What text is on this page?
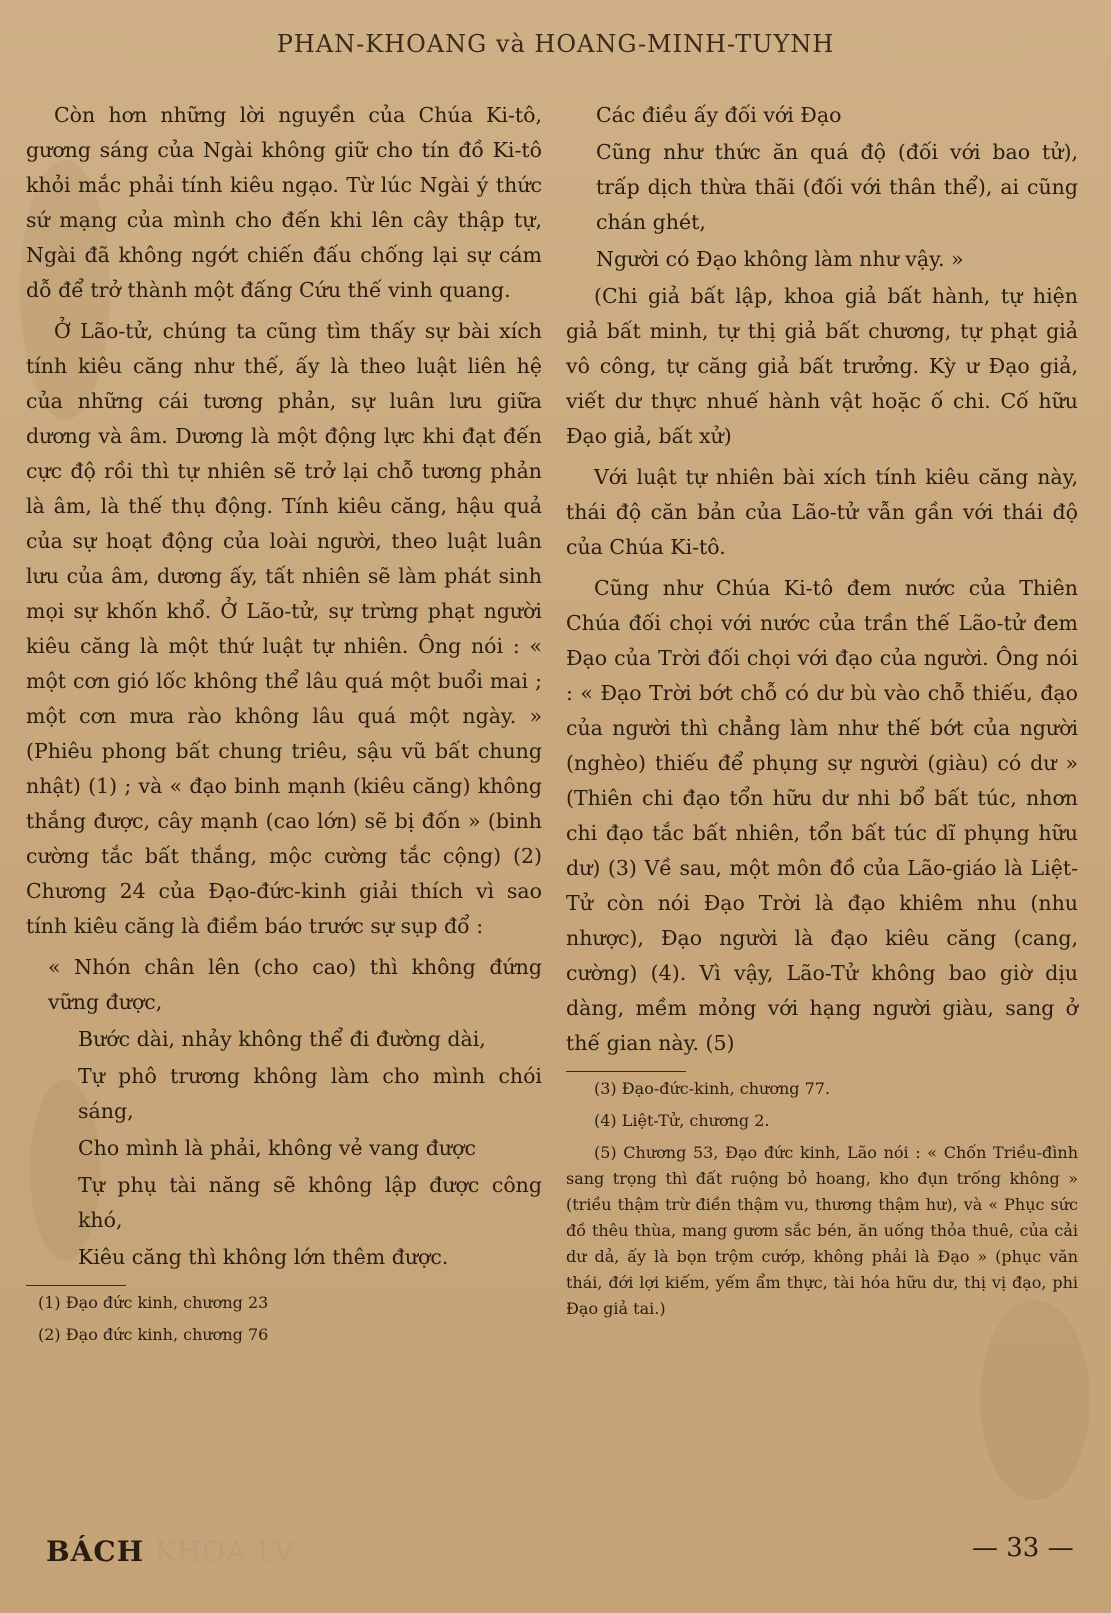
PHAN-KHOANG và HOANG-MINH-TUYNH

Còn hơn những lời nguyền của Chúa Ki-tô, gương sáng của Ngài không giữ cho tín đồ Ki-tô khỏi mắc phải tính kiêu ngạo. Từ lúc Ngài ý thức sứ mạng của mình cho đến khi lên cây thập tự, Ngài đã không ngớt chiến đấu chống lại sự cám dỗ để trở thành một đấng Cứu thế vinh quang.

Ở Lão-tử, chúng ta cũng tìm thấy sự bài xích tính kiêu căng như thế, ấy là theo luật liên hệ của những cái tương phản, sự luân lưu giữa dương và âm. Dương là một động lực khi đạt đến cực độ rồi thì tự nhiên sẽ trở lại chỗ tương phản là âm, là thế thụ động. Tính kiêu căng, hậu quả của sự hoạt động của loài người, theo luật luân lưu của âm, dương ấy, tất nhiên sẽ làm phát sinh mọi sự khốn khổ. Ở Lão-tử, sự trừng phạt người kiêu căng là một thứ luật tự nhiên. Ông nói : « một cơn gió lốc không thể lâu quá một buổi mai ; một cơn mưa rào không lâu quá một ngày. » (Phiêu phong bất chung triêu, sậu vũ bất chung nhật) (1) ; và « đạo binh mạnh (kiêu căng) không thắng được, cây mạnh (cao lớn) sẽ bị đốn » (binh cường tắc bất thắng, mộc cường tắc cộng) (2) Chương 24 của Đạo-đức-kinh giải thích vì sao tính kiêu căng là điềm báo trước sự sụp đổ :

« Nhón chân lên (cho cao) thì không đứng vững được,

Bước dài, nhảy không thể đi đường dài,

Tự phô trương không làm cho mình chói sáng,

Cho mình là phải, không vẻ vang được

Tự phụ tài năng sẽ không lập được công khó,

Kiêu căng thì không lớn thêm được.

(1) Đạo đức kinh, chương 23

(2) Đạo đức kinh, chương 76

Các điều ấy đối với Đạo

Cũng như thức ăn quá độ (đối với bao tử), trấp dịch thừa thãi (đối với thân thể), ai cũng chán ghét,

Người có Đạo không làm như vậy. »

(Chi giả bất lập, khoa giả bất hành, tự hiện giả bất minh, tự thị giả bất chương, tự phạt giả vô công, tự căng giả bất trưởng. Kỳ ư Đạo giả, viết dư thực nhuế hành vật hoặc ố chi. Cố hữu Đạo giả, bất xử)

Với luật tự nhiên bài xích tính kiêu căng này, thái độ căn bản của Lão-tử vẫn gần với thái độ của Chúa Ki-tô.

Cũng như Chúa Ki-tô đem nước của Thiên Chúa đối chọi với nước của trần thế Lão-tử đem Đạo của Trời đối chọi với đạo của người. Ông nói : « Đạo Trời bớt chỗ có dư bù vào chỗ thiếu, đạo của người thì chẳng làm như thế bớt của người (nghèo) thiếu để phụng sự người (giàu) có dư » (Thiên chi đạo tổn hữu dư nhi bổ bất túc, nhơn chi đạo tắc bất nhiên, tổn bất túc dĩ phụng hữu dư) (3) Về sau, một môn đồ của Lão-giáo là Liệt-Tử còn nói Đạo Trời là đạo khiêm nhu (nhu nhược), Đạo người là đạo kiêu căng (cang, cường) (4). Vì vậy, Lão-Tử không bao giờ dịu dàng, mềm mỏng với hạng người giàu, sang ở thế gian này. (5)

(3) Đạo-đức-kinh, chương 77.

(4) Liệt-Tử, chương 2.

(5) Chương 53, Đạo đức kinh, Lão nói : « Chốn Triều-đình sang trọng thì đất ruộng bỏ hoang, kho đụn trống không » (triều thậm trừ điền thậm vu, thương thậm hư), và « Phục sức đồ thêu thùa, mang gươm sắc bén, ăn uống thỏa thuê, của cải dư dả, ấy là bọn trộm cướp, không phải là Đạo » (phục văn thái, đới lợi kiếm, yếm ẩm thực, tài hóa hữu dư, thị vị đạo, phi Đạo giả tai.)

BÁCH KHOA LV	— 33 —
